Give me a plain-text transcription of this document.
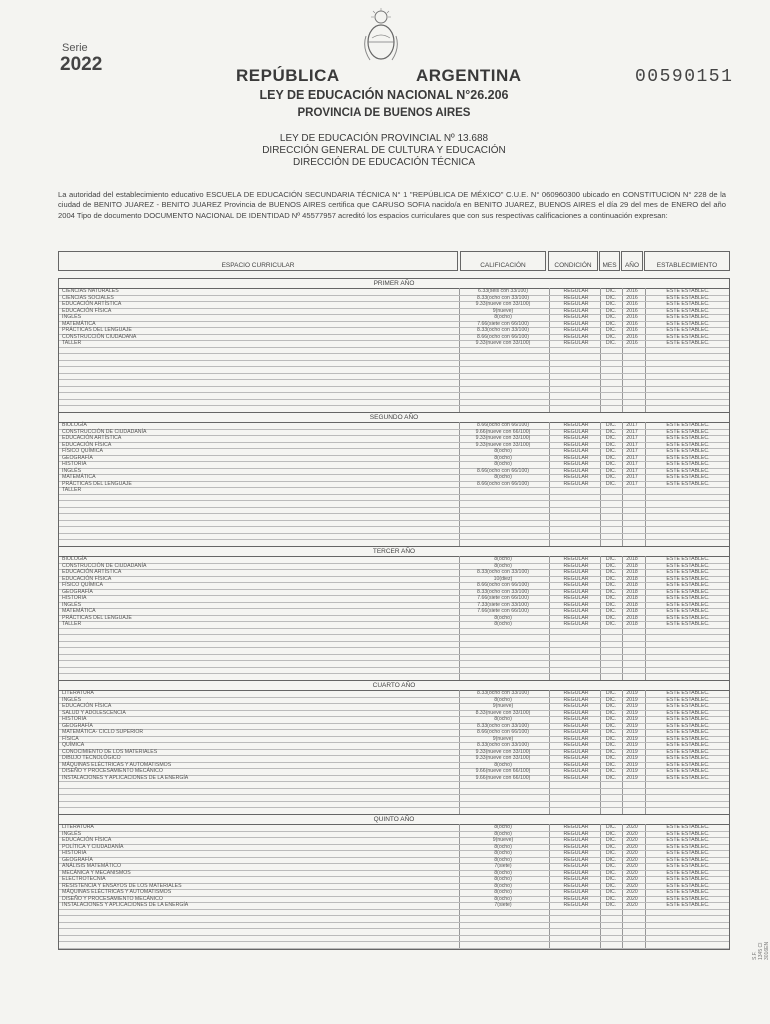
Serie
2022
REPÚBLICA	ARGENTINA	00590151
LEY DE EDUCACIÓN NACIONAL N°26.206
PROVINCIA DE BUENOS AIRES
LEY DE EDUCACIÓN PROVINCIAL Nº 13.688
DIRECCIÓN GENERAL DE CULTURA Y EDUCACIÓN
DIRECCIÓN DE EDUCACIÓN TÉCNICA
La autoridad del establecimiento educativo ESCUELA DE EDUCACIÓN SECUNDARIA TÉCNICA N° 1 "REPÚBLICA DE MÉXICO" C.U.E. N° 060960300 ubicado en CONSTITUCION N° 228 de la ciudad de BENITO JUAREZ - BENITO JUAREZ Provincia de BUENOS AIRES certifica que CARUSO SOFIA nacido/a en BENITO JUAREZ, BUENOS AIRES el día 29 del mes de ENERO del año 2004 Tipo de documento DOCUMENTO NACIONAL DE IDENTIDAD Nº 45577957 acreditó los espacios curriculares que con sus respectivas calificaciones a continuación expresan:
ESPACIO CURRICULAR	CALIFICACIÓN	CONDICIÓN	MES	AÑO	ESTABLECIMIENTO
PRIMER AÑO
CIENCIAS NATURALES	6.33(seis con 33/100)	REGULAR	DIC.	2016	ESTE ESTABLEC.
CIENCIAS SOCIALES	8.33(ocho con 33/100)	REGULAR	DIC.	2016	ESTE ESTABLEC.
EDUCACIÓN ARTÍSTICA	9.33(nueve con 33/100)	REGULAR	DIC.	2016	ESTE ESTABLEC.
EDUCACIÓN FÍSICA	9(nueve)	REGULAR	DIC.	2016	ESTE ESTABLEC.
INGLÉS	8(ocho)	REGULAR	DIC.	2016	ESTE ESTABLEC.
MATEMÁTICA	7.66(siete con 66/100)	REGULAR	DIC.	2016	ESTE ESTABLEC.
PRÁCTICAS DEL LENGUAJE	8.33(ocho con 33/100)	REGULAR	DIC.	2016	ESTE ESTABLEC.
CONSTRUCCIÓN CIUDADANA	8.66(ocho con 66/100)	REGULAR	DIC.	2016	ESTE ESTABLEC.
TALLER	9.33(nueve con 33/100)	REGULAR	DIC.	2016	ESTE ESTABLEC.
SEGUNDO AÑO
BIOLOGÍA	8.66(ocho con 66/100)	REGULAR	DIC.	2017	ESTE ESTABLEC.
CONSTRUCCIÓN DE CIUDADANÍA	9.66(nueve con 66/100)	REGULAR	DIC.	2017	ESTE ESTABLEC.
EDUCACIÓN ARTÍSTICA	9.33(nueve con 33/100)	REGULAR	DIC.	2017	ESTE ESTABLEC.
EDUCACIÓN FÍSICA	9.33(nueve con 33/100)	REGULAR	DIC.	2017	ESTE ESTABLEC.
FÍSICO QUÍMICA	8(ocho)	REGULAR	DIC.	2017	ESTE ESTABLEC.
GEOGRAFÍA	8(ocho)	REGULAR	DIC.	2017	ESTE ESTABLEC.
HISTORIA	8(ocho)	REGULAR	DIC.	2017	ESTE ESTABLEC.
INGLÉS	8.66(ocho con 66/100)	REGULAR	DIC.	2017	ESTE ESTABLEC.
MATEMÁTICA	8(ocho)	REGULAR	DIC.	2017	ESTE ESTABLEC.
PRÁCTICAS DEL LENGUAJE	8.66(ocho con 66/100)	REGULAR	DIC.	2017	ESTE ESTABLEC.
TALLER
TERCER AÑO
BIOLOGÍA	8(ocho)	REGULAR	DIC.	2018	ESTE ESTABLEC.
CONSTRUCCIÓN DE CIUDADANÍA	8(ocho)	REGULAR	DIC.	2018	ESTE ESTABLEC.
EDUCACIÓN ARTÍSTICA	8.33(ocho con 33/100)	REGULAR	DIC.	2018	ESTE ESTABLEC.
EDUCACIÓN FÍSICA	10(diez)	REGULAR	DIC.	2018	ESTE ESTABLEC.
FÍSICO QUÍMICA	8.66(ocho con 66/100)	REGULAR	DIC.	2018	ESTE ESTABLEC.
GEOGRAFÍA	8.33(ocho con 33/100)	REGULAR	DIC.	2018	ESTE ESTABLEC.
HISTORIA	7.66(siete con 66/100)	REGULAR	DIC.	2018	ESTE ESTABLEC.
INGLÉS	7.33(siete con 33/100)	REGULAR	DIC.	2018	ESTE ESTABLEC.
MATEMÁTICA	7.66(siete con 66/100)	REGULAR	DIC.	2018	ESTE ESTABLEC.
PRÁCTICAS DEL LENGUAJE	8(ocho)	REGULAR	DIC.	2018	ESTE ESTABLEC.
TALLER	8(ocho)	REGULAR	DIC.	2018	ESTE ESTABLEC.
CUARTO AÑO
LITERATURA	8.33(ocho con 33/100)	REGULAR	DIC.	2019	ESTE ESTABLEC.
INGLÉS	8(ocho)	REGULAR	DIC.	2019	ESTE ESTABLEC.
EDUCACIÓN FÍSICA	9(nueve)	REGULAR	DIC.	2019	ESTE ESTABLEC.
SALUD Y ADOLESCENCIA	8.33(nueve con 33/100)	REGULAR	DIC.	2019	ESTE ESTABLEC.
HISTORIA	8(ocho)	REGULAR	DIC.	2019	ESTE ESTABLEC.
GEOGRAFÍA	8.33(ocho con 33/100)	REGULAR	DIC.	2019	ESTE ESTABLEC.
MATEMÁTICA- CICLO SUPERIOR	8.66(ocho con 66/100)	REGULAR	DIC.	2019	ESTE ESTABLEC.
FÍSICA	9(nueve)	REGULAR	DIC.	2019	ESTE ESTABLEC.
QUÍMICA	8.33(ocho con 33/100)	REGULAR	DIC.	2019	ESTE ESTABLEC.
CONOCIMIENTO DE LOS MATERIALES	9.33(nueve con 33/100)	REGULAR	DIC.	2019	ESTE ESTABLEC.
DIBUJO TECNOLÓGICO	9.33(nueve con 33/100)	REGULAR	DIC.	2019	ESTE ESTABLEC.
MÁQUINAS ELÉCTRICAS Y AUTOMATISMOS	8(ocho)	REGULAR	DIC.	2019	ESTE ESTABLEC.
DISEÑO Y PROCESAMIENTO MECÁNICO	9.66(nueve con 66/100)	REGULAR	DIC.	2019	ESTE ESTABLEC.
INSTALACIONES Y APLICACIONES DE LA ENERGÍA	9.66(nueve con 66/100)	REGULAR	DIC.	2019	ESTE ESTABLEC.
QUINTO AÑO
LITERATURA	8(ocho)	REGULAR	DIC.	2020	ESTE ESTABLEC.
INGLÉS	8(ocho)	REGULAR	DIC.	2020	ESTE ESTABLEC.
EDUCACIÓN FÍSICA	9(nueve)	REGULAR	DIC.	2020	ESTE ESTABLEC.
POLÍTICA Y CIUDADANÍA	8(ocho)	REGULAR	DIC.	2020	ESTE ESTABLEC.
HISTORIA	8(ocho)	REGULAR	DIC.	2020	ESTE ESTABLEC.
GEOGRAFÍA	8(ocho)	REGULAR	DIC.	2020	ESTE ESTABLEC.
ANÁLISIS MATEMÁTICO	7(siete)	REGULAR	DIC.	2020	ESTE ESTABLEC.
MECÁNICA Y MECANISMOS	8(ocho)	REGULAR	DIC.	2020	ESTE ESTABLEC.
ELECTROTECNIA	8(ocho)	REGULAR	DIC.	2020	ESTE ESTABLEC.
RESISTENCIA Y ENSAYOS DE LOS MATERIALES	8(ocho)	REGULAR	DIC.	2020	ESTE ESTABLEC.
MÁQUINAS ELÉCTRICAS Y AUTOMATISMOS	8(ocho)	REGULAR	DIC.	2020	ESTE ESTABLEC.
DISEÑO Y PROCESAMIENTO MECÁNICO	8(ocho)	REGULAR	DIC.	2020	ESTE ESTABLEC.
INSTALACIONES Y APLICACIONES DE LA ENERGÍA	7(siete)	REGULAR	DIC.	2020	ESTE ESTABLEC.
S.F. 1345 CI 3016EN
